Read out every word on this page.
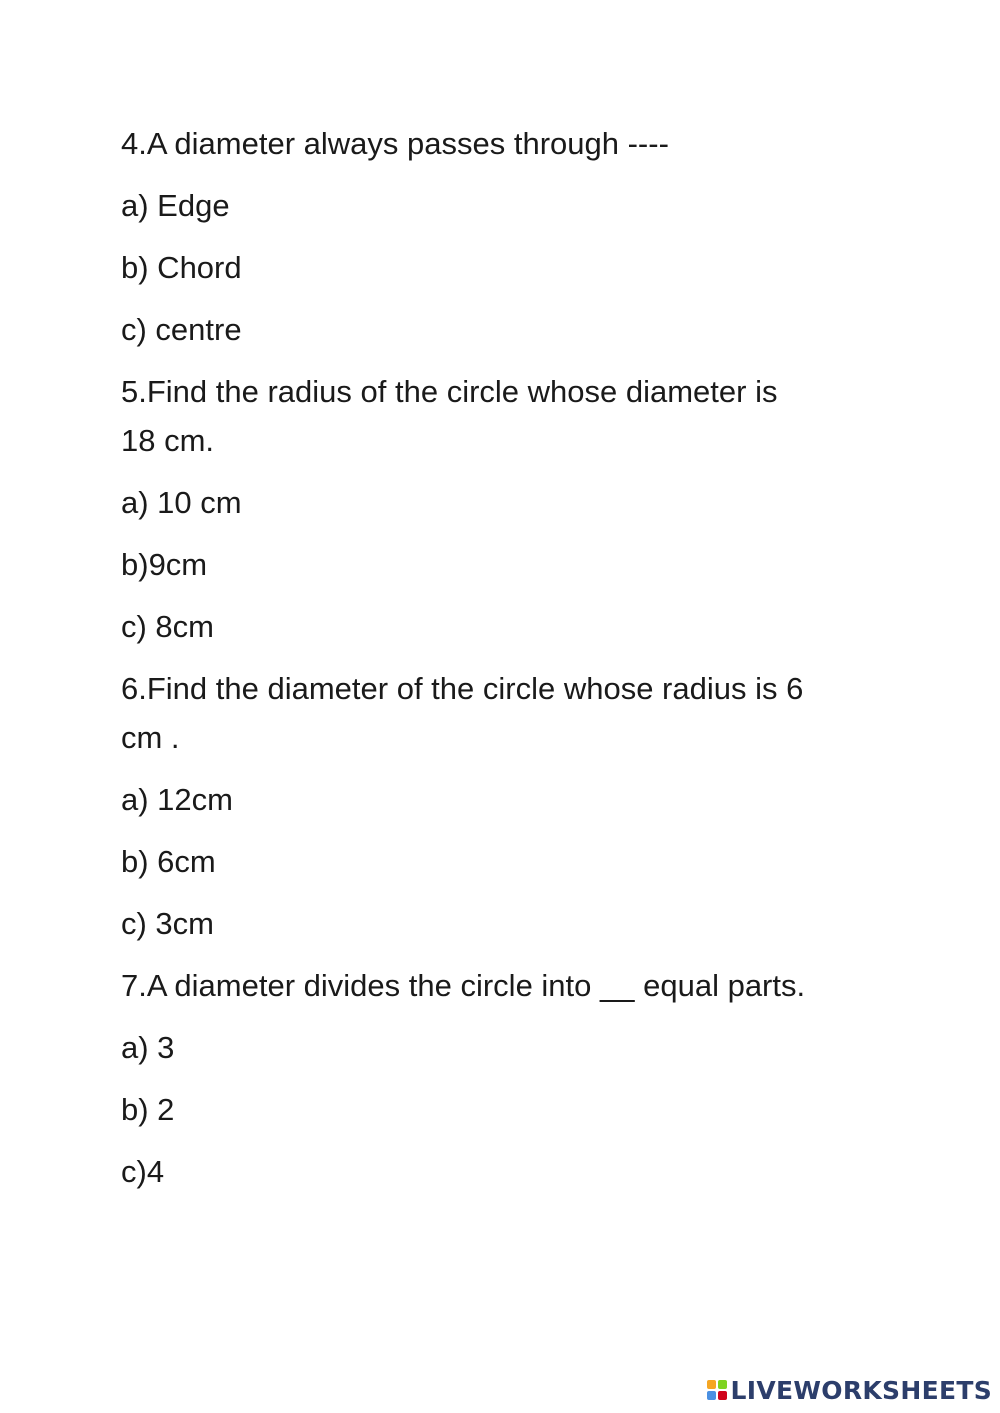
4.A diameter always passes through ----
a) Edge
b) Chord
c) centre
5.Find the radius of the circle whose diameter is
18 cm.
a) 10 cm
b)9cm
c) 8cm
6.Find the diameter of the circle whose radius is 6
cm .
a) 12cm
b) 6cm
c) 3cm
7.A diameter divides the circle into __ equal parts.
a) 3
b) 2
c)4
LIVEWORKSHEETS
